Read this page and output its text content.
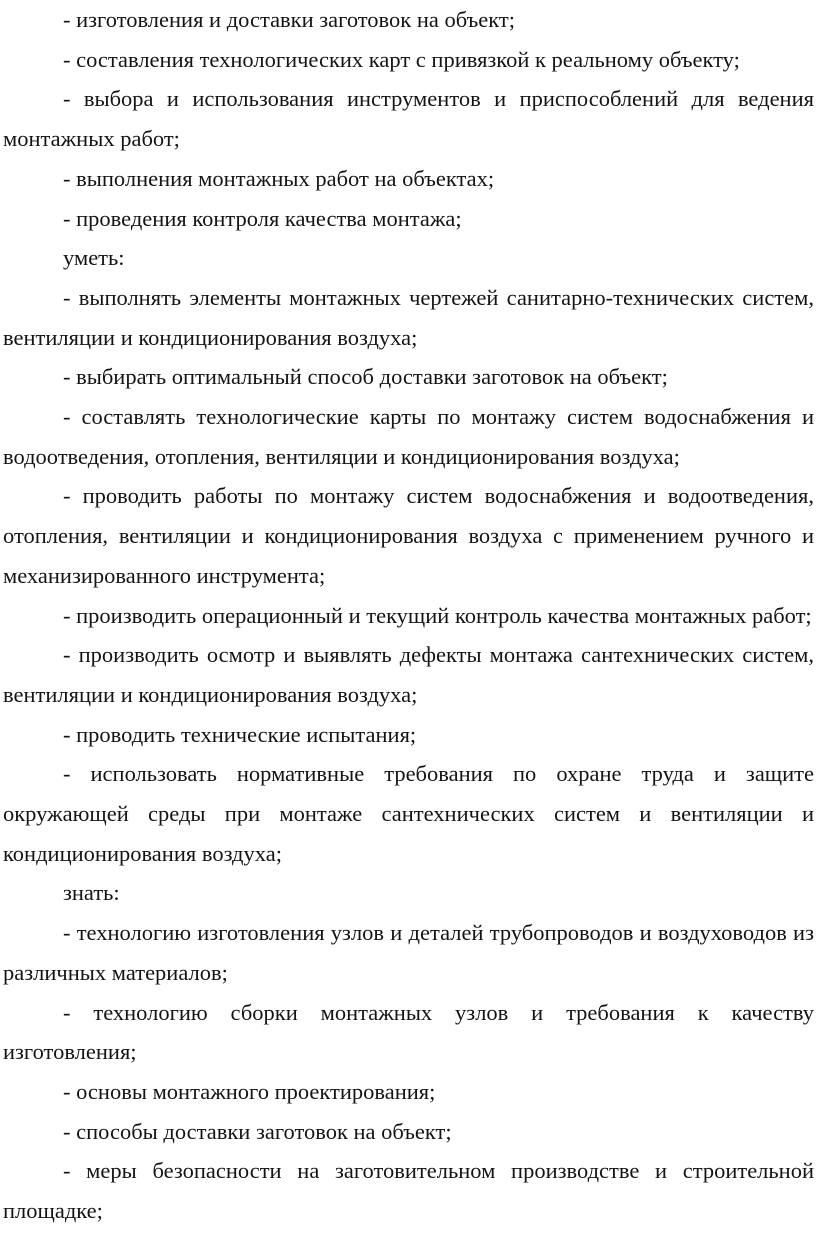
- изготовления и доставки заготовок на объект;

- составления технологических карт с привязкой к реальному объекту;

- выбора и использования инструментов и приспособлений для ведения монтажных работ;

- выполнения монтажных работ на объектах;

- проведения контроля качества монтажа;

уметь:

- выполнять элементы монтажных чертежей санитарно-технических систем, вентиляции и кондиционирования воздуха;

- выбирать оптимальный способ доставки заготовок на объект;

- составлять технологические карты по монтажу систем водоснабжения и водоотведения, отопления, вентиляции и кондиционирования воздуха;

- проводить работы по монтажу систем водоснабжения и водоотведения, отопления, вентиляции и кондиционирования воздуха с применением ручного и механизированного инструмента;

- производить операционный и текущий контроль качества монтажных работ;

- производить осмотр и выявлять дефекты монтажа сантехнических систем, вентиляции и кондиционирования воздуха;

- проводить технические испытания;

- использовать нормативные требования по охране труда и защите окружающей среды при монтаже сантехнических систем и вентиляции и кондиционирования воздуха;

знать:

- технологию изготовления узлов и деталей трубопроводов и воздуховодов из различных материалов;

- технологию сборки монтажных узлов и требования к качеству изготовления;

- основы монтажного проектирования;

- способы доставки заготовок на объект;

- меры безопасности на заготовительном производстве и строительной площадке;
